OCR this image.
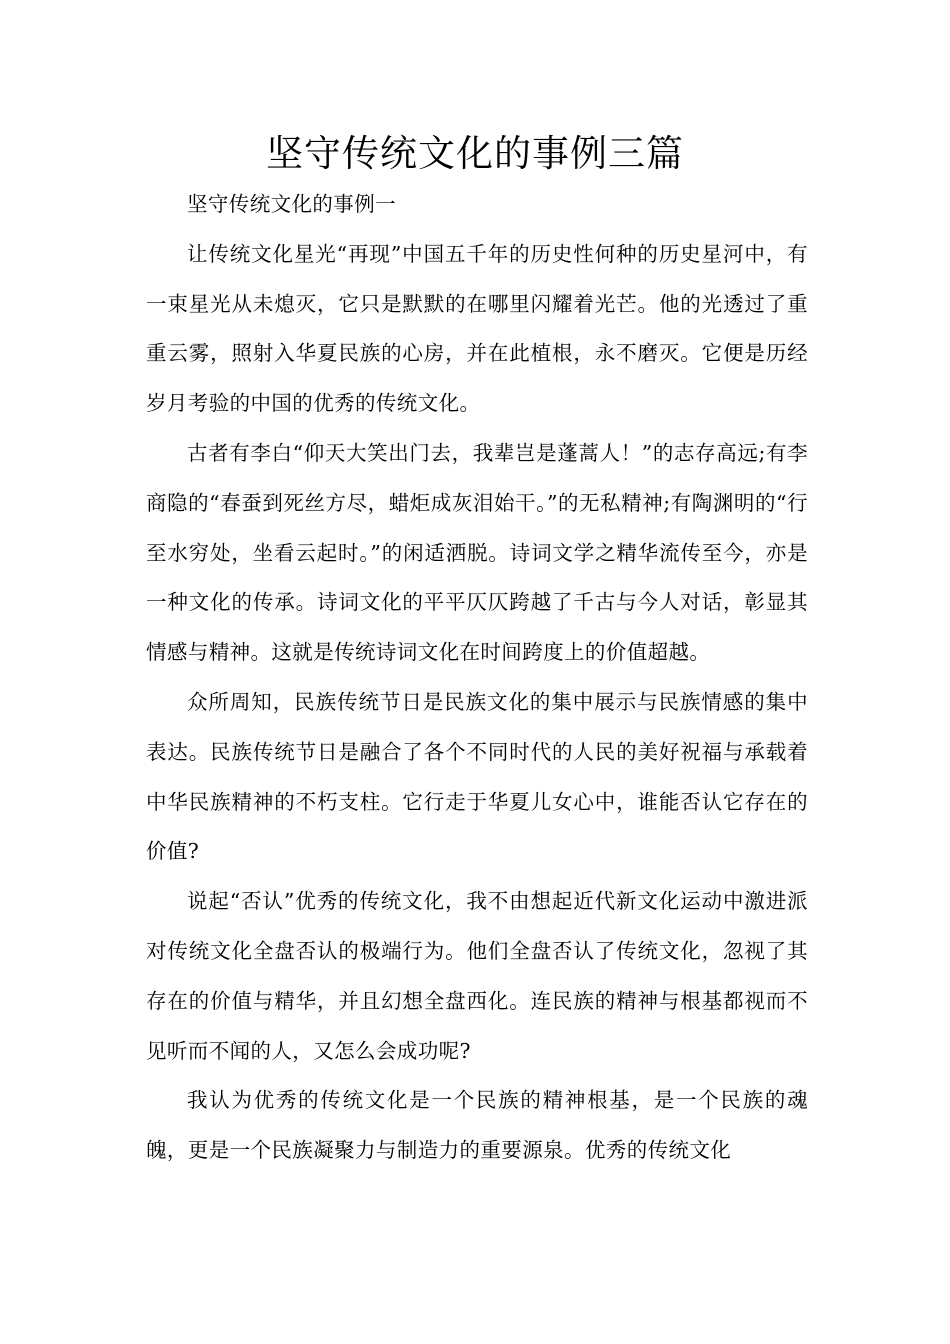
坚守传统文化的事例三篇

坚守传统文化的事例一

让传统文化星光“再现”中国五千年的历史性何种的历史星河中，有一束星光从未熄灭，它只是默默的在哪里闪耀着光芒。他的光透过了重重云雾，照射入华夏民族的心房，并在此植根，永不磨灭。它便是历经岁月考验的中国的优秀的传统文化。

古者有李白“仰天大笑出门去，我辈岂是蓬蒿人！”的志存高远;有李商隐的“春蚕到死丝方尽，蜡炬成灰泪始干。”的无私精神;有陶渊明的“行至水穷处，坐看云起时。”的闲适洒脱。诗词文学之精华流传至今，亦是一种文化的传承。诗词文化的平平仄仄跨越了千古与今人对话，彰显其情感与精神。这就是传统诗词文化在时间跨度上的价值超越。

众所周知，民族传统节日是民族文化的集中展示与民族情感的集中表达。民族传统节日是融合了各个不同时代的人民的美好祝福与承载着中华民族精神的不朽支柱。它行走于华夏儿女心中，谁能否认它存在的价值?

说起“否认”优秀的传统文化，我不由想起近代新文化运动中激进派对传统文化全盘否认的极端行为。他们全盘否认了传统文化，忽视了其存在的价值与精华，并且幻想全盘西化。连民族的精神与根基都视而不见听而不闻的人，又怎么会成功呢?

我认为优秀的传统文化是一个民族的精神根基，是一个民族的魂魄，更是一个民族凝聚力与制造力的重要源泉。优秀的传统文化
